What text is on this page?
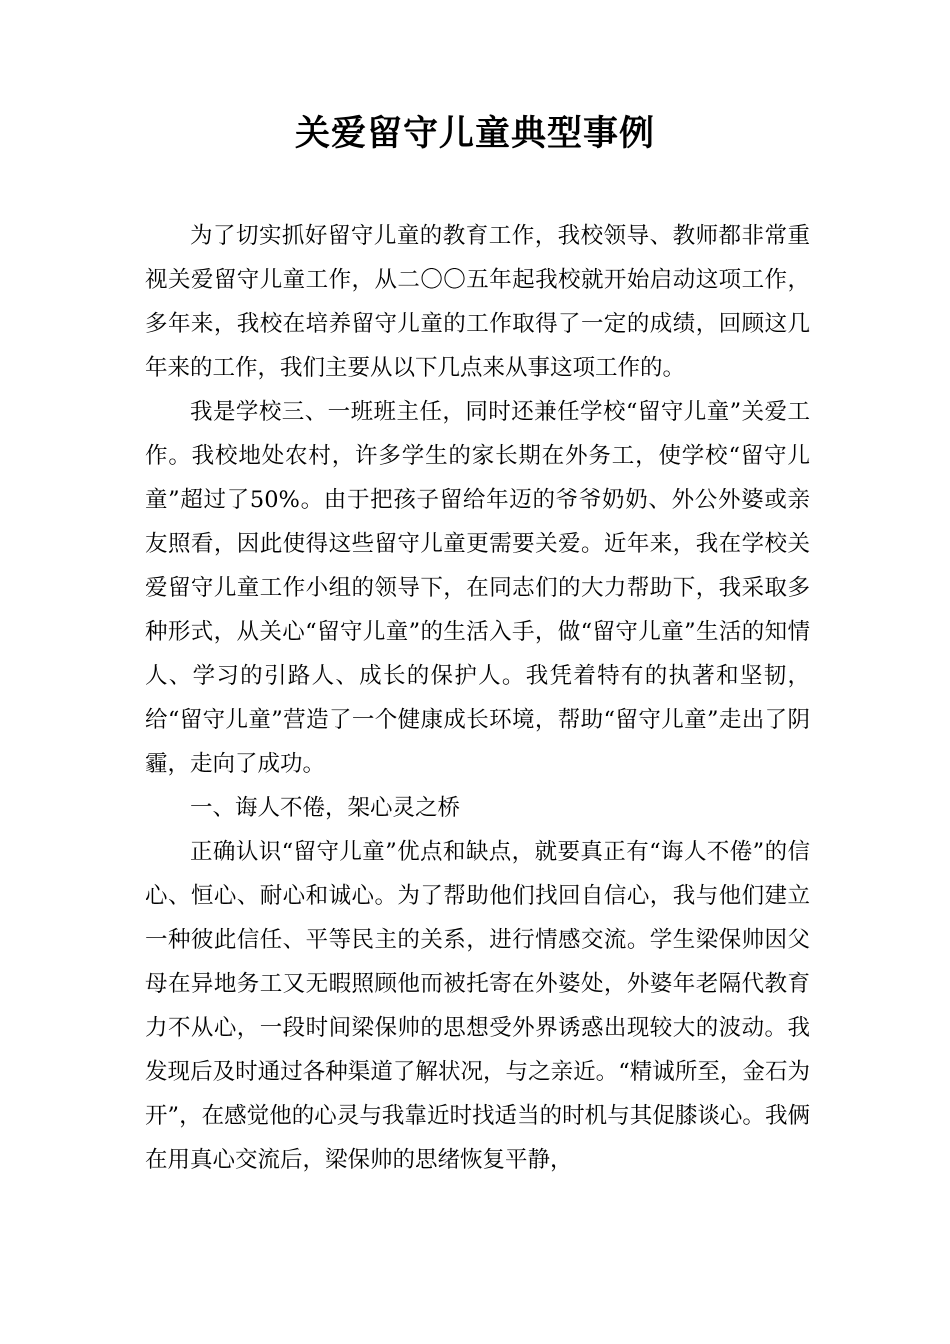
关爱留守儿童典型事例

为了切实抓好留守儿童的教育工作，我校领导、教师都非常重视关爱留守儿童工作，从二〇〇五年起我校就开始启动这项工作，多年来，我校在培养留守儿童的工作取得了一定的成绩，回顾这几年来的工作，我们主要从以下几点来从事这项工作的。

我是学校三、一班班主任，同时还兼任学校“留守儿童”关爱工作。我校地处农村，许多学生的家长期在外务工，使学校“留守儿童”超过了50%。由于把孩子留给年迈的爷爷奶奶、外公外婆或亲友照看，因此使得这些留守儿童更需要关爱。近年来，我在学校关爱留守儿童工作小组的领导下，在同志们的大力帮助下，我采取多种形式，从关心“留守儿童”的生活入手，做“留守儿童”生活的知情人、学习的引路人、成长的保护人。我凭着特有的执著和坚韧，给“留守儿童”营造了一个健康成长环境，帮助“留守儿童”走出了阴霾，走向了成功。

一、诲人不倦，架心灵之桥

正确认识“留守儿童”优点和缺点，就要真正有“诲人不倦”的信心、恒心、耐心和诚心。为了帮助他们找回自信心，我与他们建立一种彼此信任、平等民主的关系，进行情感交流。学生梁保帅因父母在异地务工又无暇照顾他而被托寄在外婆处，外婆年老隔代教育力不从心，一段时间梁保帅的思想受外界诱惑出现较大的波动。我发现后及时通过各种渠道了解状况，与之亲近。“精诚所至，金石为开”，在感觉他的心灵与我靠近时找适当的时机与其促膝谈心。我俩在用真心交流后，梁保帅的思绪恢复平静，
